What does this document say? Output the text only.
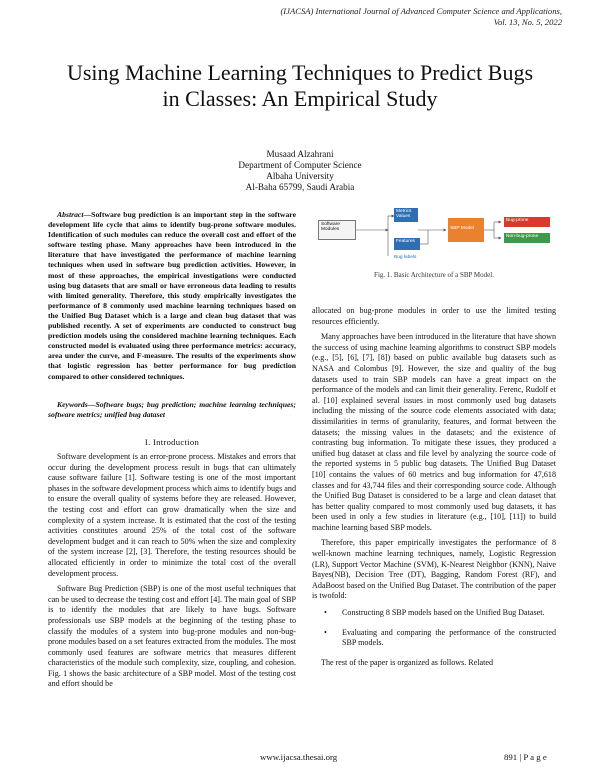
(IJACSA) International Journal of Advanced Computer Science and Applications,
Vol. 13, No. 5, 2022
Using Machine Learning Techniques to Predict Bugs
in Classes: An Empirical Study
Musaad Alzahrani
Department of Computer Science
Albaha University
Al-Baha 65799, Saudi Arabia
Abstract—Software bug prediction is an important step in the software development life cycle that aims to identify bug-prone software modules. Identification of such modules can reduce the overall cost and effort of the software testing phase. Many approaches have been introduced in the literature that have investigated the performance of machine learning techniques when used in software bug prediction activities. However, in most of these approaches, the empirical investigations were conducted using bug datasets that are small or have erroneous data leading to results with limited generality. Therefore, this study empirically investigates the performance of 8 commonly used machine learning techniques based on the Unified Bug Dataset which is a large and clean bug dataset that was published recently. A set of experiments are conducted to construct bug prediction models using the considered machine learning techniques. Each constructed model is evaluated using three performance metrics: accuracy, area under the curve, and F-measure. The results of the experiments show that logistic regression has better performance for bug prediction compared to other considered techniques.
Keywords—Software bugs; bug prediction; machine learning techniques; software metrics; unified bug dataset
I. Introduction

Software development is an error-prone process. Mistakes and errors that occur during the development process result in bugs that can ultimately cause software failure [1]. Software testing is one of the most important phases in the software development process which aims to identify bugs and to ensure the overall quality of systems before they are released. However, the testing cost and effort can grow dramatically when the size and complexity of a system increase. It is estimated that the cost of the testing activities constitutes around 25% of the total cost of the software development budget and it can reach to 50% when the size and complexity of the system increase [2], [3]. Therefore, the testing resources should be allocated efficiently in order to minimize the total cost of the overall development process.

Software Bug Prediction (SBP) is one of the most useful techniques that can be used to decrease the testing cost and effort [4]. The main goal of SBP is to identify the modules that are likely to have bugs. Software professionals use SBP models at the beginning of the testing phase to classify the modules of a system into bug-prone modules and non-bug-prone modules based on a set features extracted from the modules. The most commonly used features are software metrics that measures different characteristics of the module such complexity, size, coupling, and cohesion. Fig. 1 shows the basic architecture of a SBP model. Most of the testing cost and effort should be

Software Modules
Metrics Values
Features
Bug labels
SBP Model
Bug-prone
Non-bug-prone
Fig. 1. Basic Architecture of a SBP Model.

allocated on bug-prone modules in order to use the limited testing resources efficiently.

Many approaches have been introduced in the literature that have shown the success of using machine learning algorithms to construct SBP models (e.g., [5], [6], [7], [8]) based on public available bug datasets such as NASA and Colombus [9]. However, the size and quality of the bug datasets used to train SBP models can have a great impact on the performance of the models and can limit their generality. Ferenc, Rudolf et al. [10] explained several issues in most commonly used bug datasets including the missing of the source code elements associated with data; dissimilarities in terms of granularity, features, and format between the datasets; the missing values in the datasets; and the existence of contrasting bug information. To mitigate these issues, they produced a unified bug dataset at class and file level by analyzing the source code of the reported systems in 5 public bug datasets. The Unified Bug Dataset [10] contains the values of 60 metrics and bug information for 47,618 classes and for 43,744 files and their corresponding source code. Although the Unified Bug Dataset is considered to be a large and clean dataset that has better quality compared to most commonly used bug datasets, it has been used in only a few studies in literature (e.g., [10], [11]) to build machine learning based SBP models.

Therefore, this paper empirically investigates the performance of 8 well-known machine learning techniques, namely, Logistic Regression (LR), Support Vector Machine (SVM), K-Nearest Neighbor (KNN), Naive Bayes(NB), Decision Tree (DT), Bagging, Random Forest (RF), and AdaBoost based on the Unified Bug Dataset. The contribution of the paper is twofold:

• Constructing 8 SBP models based on the Unified Bug Dataset.
• Evaluating and comparing the performance of the constructed SBP models.

The rest of the paper is organized as follows. Related

www.ijacsa.thesai.org	891 | P a g e
